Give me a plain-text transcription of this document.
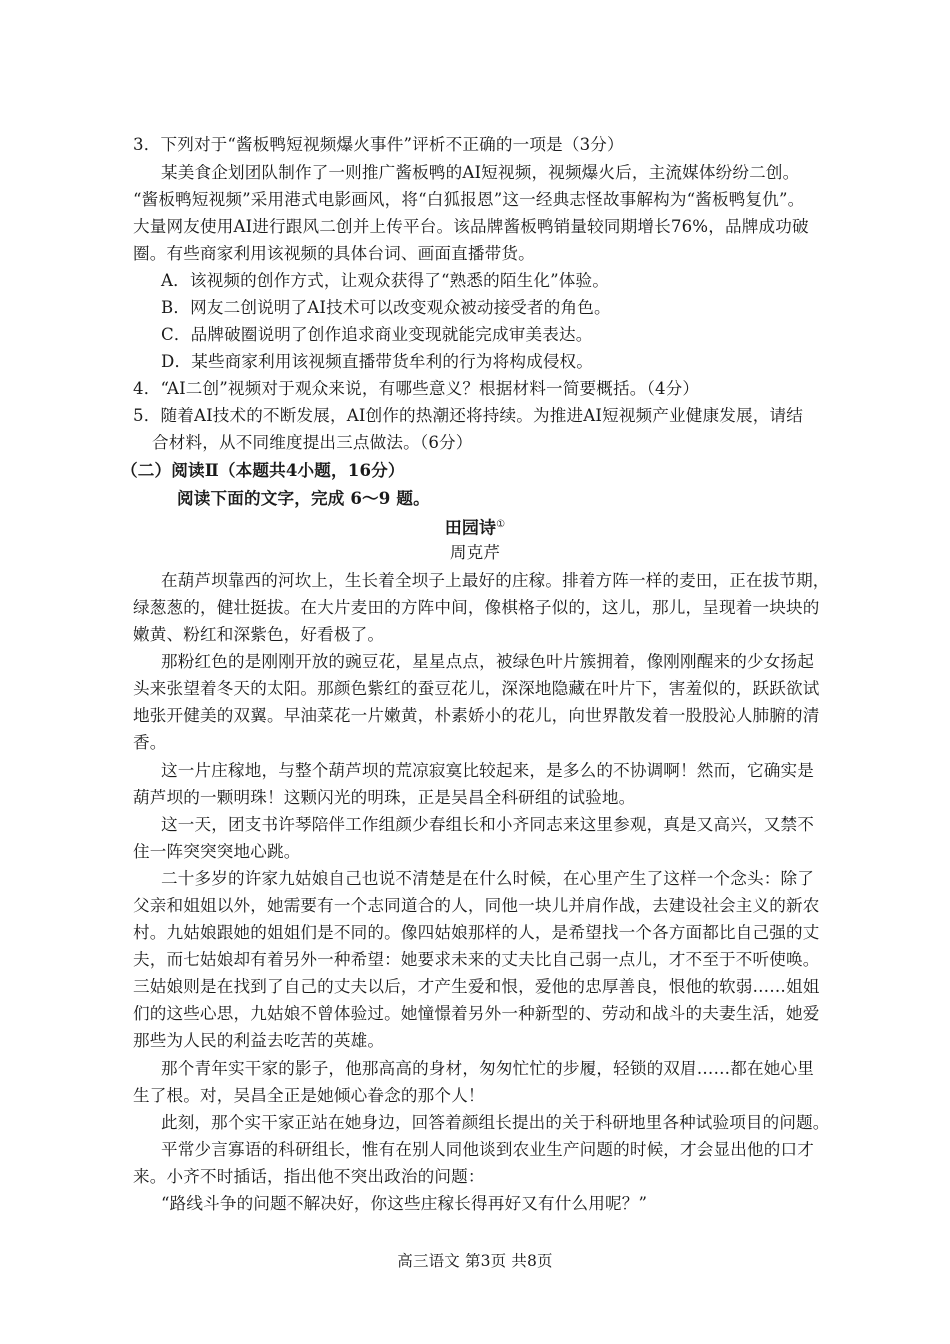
3．下列对于“酱板鸭短视频爆火事件”评析不正确的一项是（3分）
某美食企划团队制作了一则推广酱板鸭的AI短视频，视频爆火后，主流媒体纷纷二创。
“酱板鸭短视频”采用港式电影画风，将“白狐报恩”这一经典志怪故事解构为“酱板鸭复仇”。
大量网友使用AI进行跟风二创并上传平台。该品牌酱板鸭销量较同期增长76%，品牌成功破
圈。有些商家利用该视频的具体台词、画面直播带货。
A．该视频的创作方式，让观众获得了“熟悉的陌生化”体验。
B．网友二创说明了AI技术可以改变观众被动接受者的角色。
C．品牌破圈说明了创作追求商业变现就能完成审美表达。
D．某些商家利用该视频直播带货牟利的行为将构成侵权。
4．“AI二创”视频对于观众来说，有哪些意义？根据材料一简要概括。（4分）
5．随着AI技术的不断发展，AI创作的热潮还将持续。为推进AI短视频产业健康发展，请结
合材料，从不同维度提出三点做法。（6分）
（二）阅读Ⅱ（本题共4小题，16分）
阅读下面的文字，完成 6～9 题。
田园诗①
周克芹
在葫芦坝靠西的河坎上，生长着全坝子上最好的庄稼。排着方阵一样的麦田，正在拔节期，
绿葱葱的，健壮挺拔。在大片麦田的方阵中间，像棋格子似的，这儿，那儿，呈现着一块块的
嫩黄、粉红和深紫色，好看极了。
那粉红色的是刚刚开放的豌豆花，星星点点，被绿色叶片簇拥着，像刚刚醒来的少女扬起
头来张望着冬天的太阳。那颜色紫红的蚕豆花儿，深深地隐藏在叶片下，害羞似的，跃跃欲试
地张开健美的双翼。早油菜花一片嫩黄，朴素娇小的花儿，向世界散发着一股股沁人肺腑的清
香。
这一片庄稼地，与整个葫芦坝的荒凉寂寞比较起来，是多么的不协调啊！然而，它确实是
葫芦坝的一颗明珠！这颗闪光的明珠，正是吴昌全科研组的试验地。
这一天，团支书许琴陪伴工作组颜少春组长和小齐同志来这里参观，真是又高兴，又禁不
住一阵突突突地心跳。
二十多岁的许家九姑娘自己也说不清楚是在什么时候，在心里产生了这样一个念头：除了
父亲和姐姐以外，她需要有一个志同道合的人，同他一块儿并肩作战，去建设社会主义的新农
村。九姑娘跟她的姐姐们是不同的。像四姑娘那样的人，是希望找一个各方面都比自己强的丈
夫，而七姑娘却有着另外一种希望：她要求未来的丈夫比自己弱一点儿，才不至于不听使唤。
三姑娘则是在找到了自己的丈夫以后，才产生爱和恨，爱他的忠厚善良，恨他的软弱……姐姐
们的这些心思，九姑娘不曾体验过。她憧憬着另外一种新型的、劳动和战斗的夫妻生活，她爱
那些为人民的利益去吃苦的英雄。
那个青年实干家的影子，他那高高的身材，匆匆忙忙的步履，轻锁的双眉……都在她心里
生了根。对，吴昌全正是她倾心眷念的那个人！
此刻，那个实干家正站在她身边，回答着颜组长提出的关于科研地里各种试验项目的问题。
平常少言寡语的科研组长，惟有在别人同他谈到农业生产问题的时候，才会显出他的口才
来。小齐不时插话，指出他不突出政治的问题：
“路线斗争的问题不解决好，你这些庄稼长得再好又有什么用呢？”
高三语文 第3页 共8页
